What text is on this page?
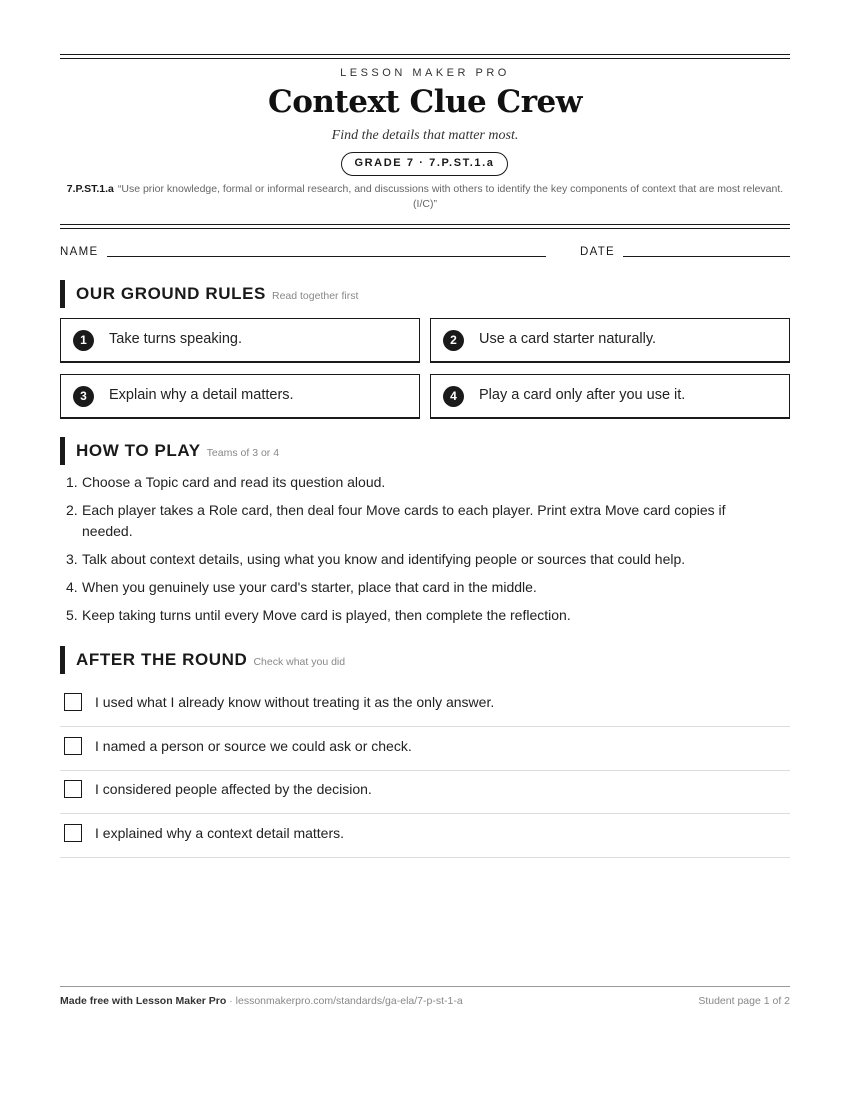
LESSON MAKER PRO
Context Clue Crew
Find the details that matter most.
GRADE 7 · 7.P.ST.1.a
7.P.ST.1.a “Use prior knowledge, formal or informal research, and discussions with others to identify the key components of context that are most relevant. (I/C)”
NAME	DATE
OUR GROUND RULES Read together first
1	Take turns speaking.	2	Use a card starter naturally.
3	Explain why a detail matters.	4	Play a card only after you use it.
HOW TO PLAY Teams of 3 or 4
1. Choose a Topic card and read its question aloud.
2. Each player takes a Role card, then deal four Move cards to each player. Print extra Move card copies if needed.
3. Talk about context details, using what you know and identifying people or sources that could help.
4. When you genuinely use your card's starter, place that card in the middle.
5. Keep taking turns until every Move card is played, then complete the reflection.
AFTER THE ROUND Check what you did
I used what I already know without treating it as the only answer.
I named a person or source we could ask or check.
I considered people affected by the decision.
I explained why a context detail matters.
Made free with Lesson Maker Pro · lessonmakerpro.com/standards/ga-ela/7-p-st-1-a	Student page 1 of 2
